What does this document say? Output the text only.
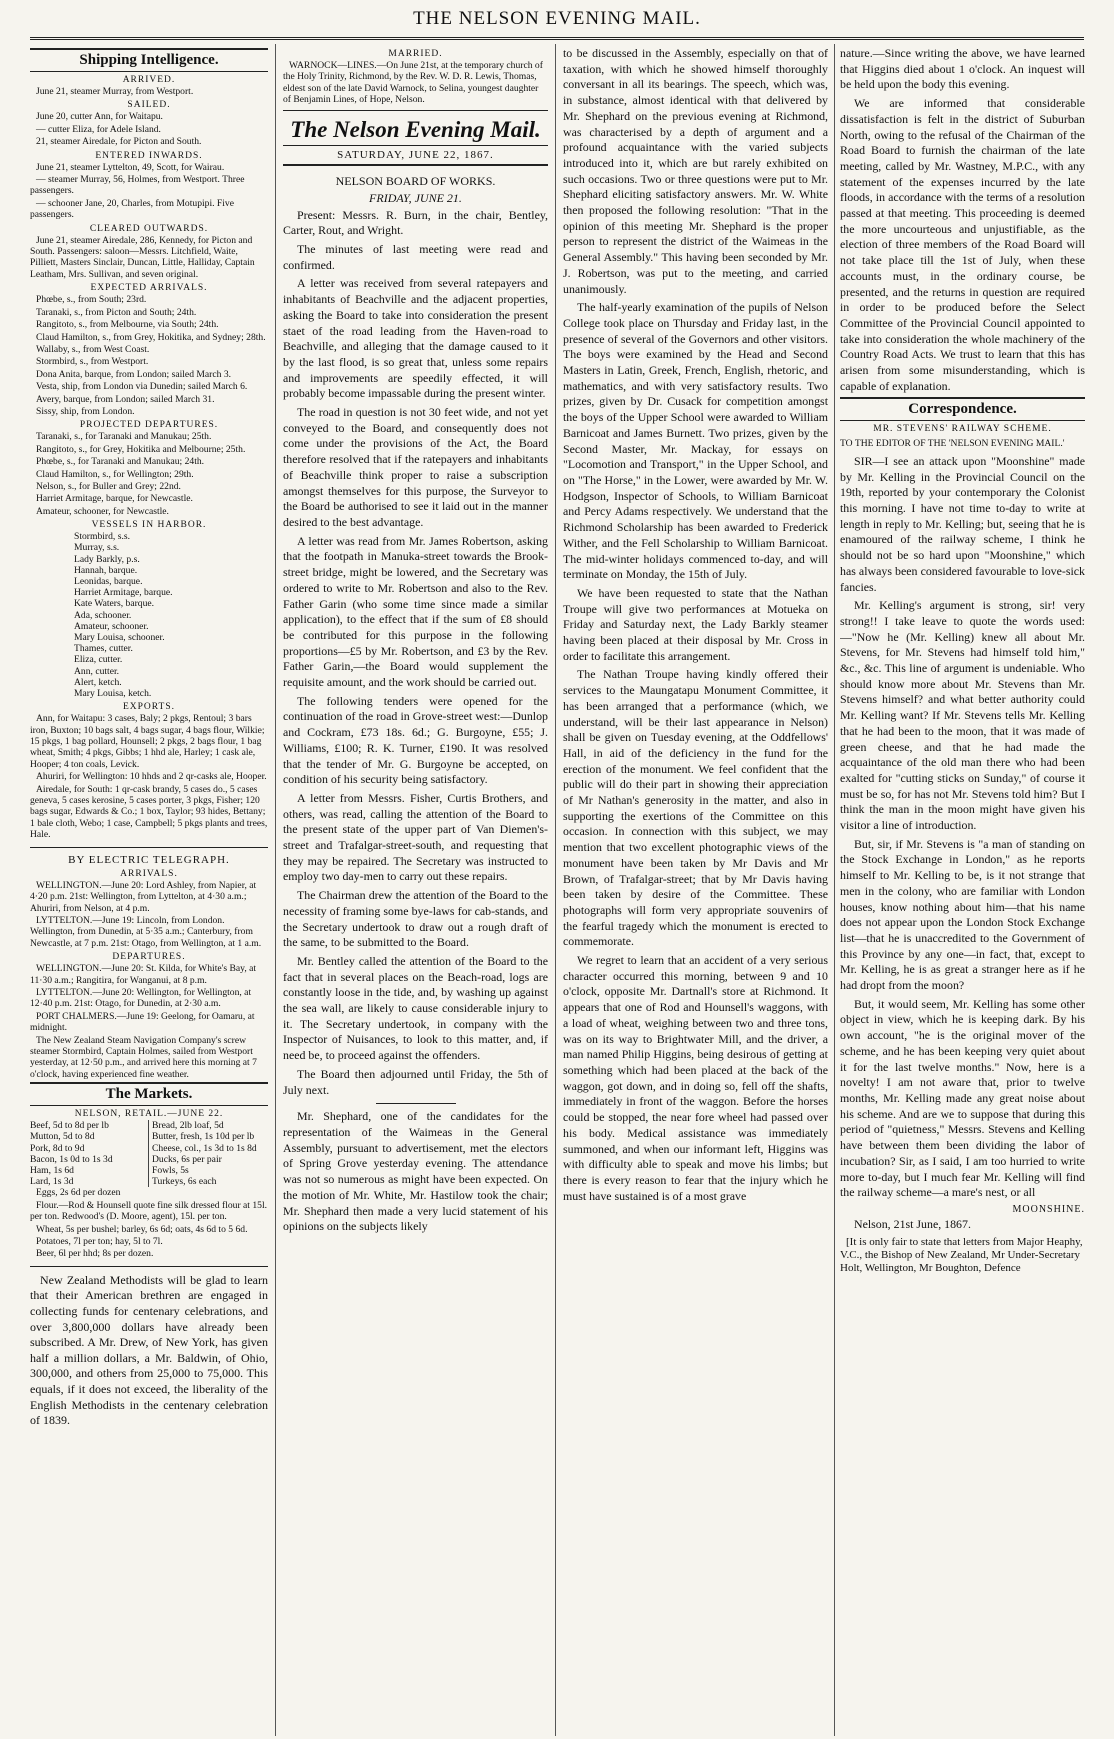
THE NELSON EVENING MAIL.
Shipping Intelligence.
ARRIVED.

June 21, steamer Murray, from Westport.

SAILED.

June 20, cutter Ann, for Waitapu.

— cutter Eliza, for Adele Island.

21, steamer Airedale, for Picton and South.

ENTERED INWARDS.

June 21, steamer Lyttelton, 49, Scott, for Wairau.

— steamer Murray, 56, Holmes, from Westport. Three passengers.

— schooner Jane, 20, Charles, from Motupipi. Five passengers.

CLEARED OUTWARDS.

June 21, steamer Airedale, 286, Kennedy, for Picton and South. Passengers: saloon—Messrs. Litchfield, Waite, Pilliett, Masters Sinclair, Duncan, Little, Halliday, Captain Leatham, Mrs. Sullivan, and seven original.

EXPECTED ARRIVALS.

Phœbe, s., from South; 23rd.

Taranaki, s., from Picton and South; 24th.

Rangitoto, s., from Melbourne, via South; 24th.

Claud Hamilton, s., from Grey, Hokitika, and Sydney; 28th.

Wallaby, s., from West Coast.

Stormbird, s., from Westport.

Dona Anita, barque, from London; sailed March 3.

Vesta, ship, from London via Dunedin; sailed March 6.

Avery, barque, from London; sailed March 31.

Sissy, ship, from London.

PROJECTED DEPARTURES.

Taranaki, s., for Taranaki and Manukau; 25th.

Rangitoto, s., for Grey, Hokitika and Melbourne; 25th.

Phœbe, s., for Taranaki and Manukau; 24th.

Claud Hamilton, s., for Wellington; 29th.

Nelson, s., for Buller and Grey; 22nd.

Harriet Armitage, barque, for Newcastle.

Amateur, schooner, for Newcastle.

VESSELS IN HARBOR.
Stormbird, s.s.
Murray, s.s.
Lady Barkly, p.s.
Hannah, barque.
Leonidas, barque.
Harriet Armitage, barque.
Kate Waters, barque.
Ada, schooner.
Amateur, schooner.
Mary Louisa, schooner.
Thames, cutter.
Eliza, cutter.
Ann, cutter.
Alert, ketch.
Mary Louisa, ketch.
EXPORTS.

Ann, for Waitapu: 3 cases, Baly; 2 pkgs, Rentoul; 3 bars iron, Buxton; 10 bags salt, 4 bags sugar, 4 bags flour, Wilkie; 15 pkgs, 1 bag pollard, Hounsell; 2 pkgs, 2 bags flour, 1 bag wheat, Smith; 4 pkgs, Gibbs; 1 hhd ale, Harley; 1 cask ale, Hooper; 4 ton coals, Levick.

Ahuriri, for Wellington: 10 hhds and 2 qr-casks ale, Hooper.

Airedale, for South: 1 qr-cask brandy, 5 cases do., 5 cases geneva, 5 cases kerosine, 5 cases porter, 3 pkgs, Fisher; 120 bags sugar, Edwards & Co.; 1 box, Taylor; 93 hides, Bettany; 1 bale cloth, Webo; 1 case, Campbell; 5 pkgs plants and trees, Hale.

BY ELECTRIC TELEGRAPH.
ARRIVALS.

WELLINGTON.—June 20: Lord Ashley, from Napier, at 4·20 p.m. 21st: Wellington, from Lyttelton, at 4·30 a.m.; Ahuriri, from Nelson, at 4 p.m.

LYTTELTON.—June 19: Lincoln, from London. Wellington, from Dunedin, at 5·35 a.m.; Canterbury, from Newcastle, at 7 p.m. 21st: Otago, from Wellington, at 1 a.m.

DEPARTURES.

WELLINGTON.—June 20: St. Kilda, for White's Bay, at 11·30 a.m.; Rangitira, for Wanganui, at 8 p.m.

LYTTELTON.—June 20: Wellington, for Wellington, at 12·40 p.m. 21st: Otago, for Dunedin, at 2·30 a.m.

PORT CHALMERS.—June 19: Geelong, for Oamaru, at midnight.

The New Zealand Steam Navigation Company's screw steamer Stormbird, Captain Holmes, sailed from Westport yesterday, at 12·50 p.m., and arrived here this morning at 7 o'clock, having experienced fine weather.

The Markets.
NELSON, RETAIL.—JUNE 22.
Beef, 5d to 8d per lb	Bread, 2lb loaf, 5d
Mutton, 5d to 8d	Butter, fresh, 1s 10d per lb
Pork, 8d to 9d	Cheese, col., 1s 3d to 1s 8d
Bacon, 1s 0d to 1s 3d	Ducks, 6s per pair
Ham, 1s 6d	Fowls, 5s
Lard, 1s 3d	Turkeys, 6s each

Eggs, 2s 6d per dozen

Flour.—Rod & Hounsell quote fine silk dressed flour at 15l. per ton. Redwood's (D. Moore, agent), 15l. per ton.

Wheat, 5s per bushel; barley, 6s 6d; oats, 4s 6d to 5 6d.

Potatoes, 7l per ton; hay, 5l to 7l.

Beer, 6l per hhd; 8s per dozen.

New Zealand Methodists will be glad to learn that their American brethren are engaged in collecting funds for centenary celebrations, and over 3,800,000 dollars have already been subscribed. A Mr. Drew, of New York, has given half a million dollars, a Mr. Baldwin, of Ohio, 300,000, and others from 25,000 to 75,000. This equals, if it does not exceed, the liberality of the English Methodists in the centenary celebration of 1839.

MARRIED.

WARNOCK—LINES.—On June 21st, at the temporary church of the Holy Trinity, Richmond, by the Rev. W. D. R. Lewis, Thomas, eldest son of the late David Warnock, to Selina, youngest daughter of Benjamin Lines, of Hope, Nelson.

The Nelson Evening Mail.
SATURDAY, JUNE 22, 1867.
NELSON BOARD OF WORKS.
FRIDAY, JUNE 21.

Present: Messrs. R. Burn, in the chair, Bentley, Carter, Rout, and Wright.

The minutes of last meeting were read and confirmed.

A letter was received from several ratepayers and inhabitants of Beachville and the adjacent properties, asking the Board to take into consideration the present staet of the road leading from the Haven-road to Beachville, and alleging that the damage caused to it by the last flood, is so great that, unless some repairs and improvements are speedily effected, it will probably become impassable during the present winter.

The road in question is not 30 feet wide, and not yet conveyed to the Board, and consequently does not come under the provisions of the Act, the Board therefore resolved that if the ratepayers and inhabitants of Beachville think proper to raise a subscription amongst themselves for this purpose, the Surveyor to the Board be authorised to see it laid out in the manner desired to the best advantage.

A letter was read from Mr. James Robertson, asking that the footpath in Manuka-street towards the Brook-street bridge, might be lowered, and the Secretary was ordered to write to Mr. Robertson and also to the Rev. Father Garin (who some time since made a similar application), to the effect that if the sum of £8 should be contributed for this purpose in the following proportions—£5 by Mr. Robertson, and £3 by the Rev. Father Garin,—the Board would supplement the requisite amount, and the work should be carried out.

The following tenders were opened for the continuation of the road in Grove-street west:—Dunlop and Cockram, £73 18s. 6d.; G. Burgoyne, £55; J. Williams, £100; R. K. Turner, £190. It was resolved that the tender of Mr. G. Burgoyne be accepted, on condition of his security being satisfactory.

A letter from Messrs. Fisher, Curtis Brothers, and others, was read, calling the attention of the Board to the present state of the upper part of Van Diemen's-street and Trafalgar-street-south, and requesting that they may be repaired. The Secretary was instructed to employ two day-men to carry out these repairs.

The Chairman drew the attention of the Board to the necessity of framing some bye-laws for cab-stands, and the Secretary undertook to draw out a rough draft of the same, to be submitted to the Board.

Mr. Bentley called the attention of the Board to the fact that in several places on the Beach-road, logs are constantly loose in the tide, and, by washing up against the sea wall, are likely to cause considerable injury to it. The Secretary undertook, in company with the Inspector of Nuisances, to look to this matter, and, if need be, to proceed against the offenders.

The Board then adjourned until Friday, the 5th of July next.

Mr. Shephard, one of the candidates for the representation of the Waimeas in the General Assembly, pursuant to advertisement, met the electors of Spring Grove yesterday evening. The attendance was not so numerous as might have been expected. On the motion of Mr. White, Mr. Hastilow took the chair; Mr. Shephard then made a very lucid statement of his opinions on the subjects likely

to be discussed in the Assembly, especially on that of taxation, with which he showed himself thoroughly conversant in all its bearings. The speech, which was, in substance, almost identical with that delivered by Mr. Shephard on the previous evening at Richmond, was characterised by a depth of argument and a profound acquaintance with the varied subjects introduced into it, which are but rarely exhibited on such occasions. Two or three questions were put to Mr. Shephard eliciting satisfactory answers. Mr. W. White then proposed the following resolution: "That in the opinion of this meeting Mr. Shephard is the proper person to represent the district of the Waimeas in the General Assembly." This having been seconded by Mr. J. Robertson, was put to the meeting, and carried unanimously.

The half-yearly examination of the pupils of Nelson College took place on Thursday and Friday last, in the presence of several of the Governors and other visitors. The boys were examined by the Head and Second Masters in Latin, Greek, French, English, rhetoric, and mathematics, and with very satisfactory results. Two prizes, given by Dr. Cusack for competition amongst the boys of the Upper School were awarded to William Barnicoat and James Burnett. Two prizes, given by the Second Master, Mr. Mackay, for essays on "Locomotion and Transport," in the Upper School, and on "The Horse," in the Lower, were awarded by Mr. W. Hodgson, Inspector of Schools, to William Barnicoat and Percy Adams respectively. We understand that the Richmond Scholarship has been awarded to Frederick Wither, and the Fell Scholarship to William Barnicoat. The mid-winter holidays commenced to-day, and will terminate on Monday, the 15th of July.

We have been requested to state that the Nathan Troupe will give two performances at Motueka on Friday and Saturday next, the Lady Barkly steamer having been placed at their disposal by Mr. Cross in order to facilitate this arrangement.

The Nathan Troupe having kindly offered their services to the Maungatapu Monument Committee, it has been arranged that a performance (which, we understand, will be their last appearance in Nelson) shall be given on Tuesday evening, at the Oddfellows' Hall, in aid of the deficiency in the fund for the erection of the monument. We feel confident that the public will do their part in showing their appreciation of Mr Nathan's generosity in the matter, and also in supporting the exertions of the Committee on this occasion. In connection with this subject, we may mention that two excellent photographic views of the monument have been taken by Mr Davis and Mr Brown, of Trafalgar-street; that by Mr Davis having been taken by desire of the Committee. These photographs will form very appropriate souvenirs of the fearful tragedy which the monument is erected to commemorate.

We regret to learn that an accident of a very serious character occurred this morning, between 9 and 10 o'clock, opposite Mr. Dartnall's store at Richmond. It appears that one of Rod and Hounsell's waggons, with a load of wheat, weighing between two and three tons, was on its way to Brightwater Mill, and the driver, a man named Philip Higgins, being desirous of getting at something which had been placed at the back of the waggon, got down, and in doing so, fell off the shafts, immediately in front of the waggon. Before the horses could be stopped, the near fore wheel had passed over his body. Medical assistance was immediately summoned, and when our informant left, Higgins was with difficulty able to speak and move his limbs; but there is every reason to fear that the injury which he must have sustained is of a most grave

nature.—Since writing the above, we have learned that Higgins died about 1 o'clock. An inquest will be held upon the body this evening.

We are informed that considerable dissatisfaction is felt in the district of Suburban North, owing to the refusal of the Chairman of the Road Board to furnish the chairman of the late meeting, called by Mr. Wastney, M.P.C., with any statement of the expenses incurred by the late floods, in accordance with the terms of a resolution passed at that meeting. This proceeding is deemed the more uncourteous and unjustifiable, as the election of three members of the Road Board will not take place till the 1st of July, when these accounts must, in the ordinary course, be presented, and the returns in question are required in order to be produced before the Select Committee of the Provincial Council appointed to take into consideration the whole machinery of the Country Road Acts. We trust to learn that this has arisen from some misunderstanding, which is capable of explanation.

Correspondence.
MR. STEVENS' RAILWAY SCHEME.
TO THE EDITOR OF THE 'NELSON EVENING MAIL.'

SIR—I see an attack upon "Moonshine" made by Mr. Kelling in the Provincial Council on the 19th, reported by your contemporary the Colonist this morning. I have not time to-day to write at length in reply to Mr. Kelling; but, seeing that he is enamoured of the railway scheme, I think he should not be so hard upon "Moonshine," which has always been considered favourable to love-sick fancies.

Mr. Kelling's argument is strong, sir! very strong!! I take leave to quote the words used:—"Now he (Mr. Kelling) knew all about Mr. Stevens, for Mr. Stevens had himself told him," &c., &c. This line of argument is undeniable. Who should know more about Mr. Stevens than Mr. Stevens himself? and what better authority could Mr. Kelling want? If Mr. Stevens tells Mr. Kelling that he had been to the moon, that it was made of green cheese, and that he had made the acquaintance of the old man there who had been exalted for "cutting sticks on Sunday," of course it must be so, for has not Mr. Stevens told him? But I think the man in the moon might have given his visitor a line of introduction.

But, sir, if Mr. Stevens is "a man of standing on the Stock Exchange in London," as he reports himself to Mr. Kelling to be, is it not strange that men in the colony, who are familiar with London houses, know nothing about him—that his name does not appear upon the London Stock Exchange list—that he is unaccredited to the Government of this Province by any one—in fact, that, except to Mr. Kelling, he is as great a stranger here as if he had dropt from the moon?

But, it would seem, Mr. Kelling has some other object in view, which he is keeping dark. By his own account, "he is the original mover of the scheme, and he has been keeping very quiet about it for the last twelve months." Now, here is a novelty! I am not aware that, prior to twelve months, Mr. Kelling made any great noise about his scheme. And are we to suppose that during this period of "quietness," Messrs. Stevens and Kelling have between them been dividing the labor of incubation? Sir, as I said, I am too hurried to write more to-day, but I much fear Mr. Kelling will find the railway scheme—a mare's nest, or all

MOONSHINE.

Nelson, 21st June, 1867.

[It is only fair to state that letters from Major Heaphy, V.C., the Bishop of New Zealand, Mr Under-Secretary Holt, Wellington, Mr Boughton, Defence
